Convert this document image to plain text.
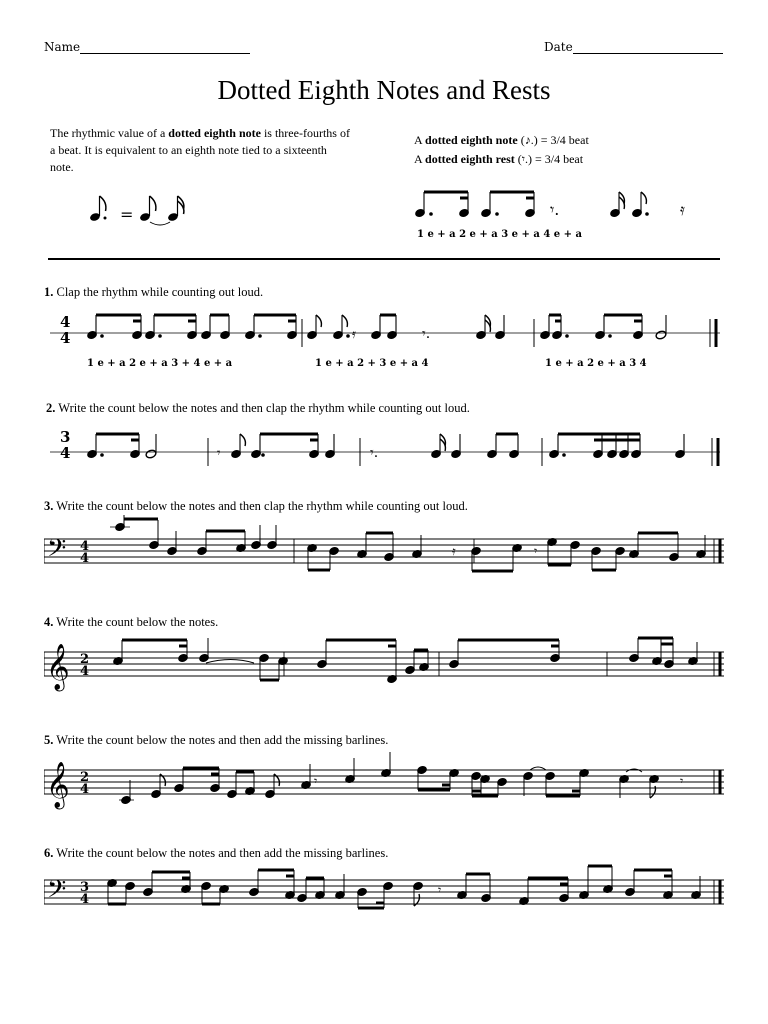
Name	Date
Dotted Eighth Notes and Rests
The rhythmic value of a dotted eighth note is three-fourths of a beat. It is equivalent to an eighth note tied to a sixteenth note.
=
A dotted eighth note (♪.) = 3/4 beat
A dotted eighth rest (𝄾.) = 3/4 beat
𝄾.	𝄿
1 e + a 2 e + a 3 e + a 4 e + a
1. Clap the rhythm while counting out loud.
4
4	𝄿	𝄾.
1 e + a 2 e + a 3 + 4 e + a	1 e + a 2 + 3 e + a 4	1 e + a 2 e + a 3 4
2. Write the count below the notes and then clap the rhythm while counting out loud.
3
4	𝄾	𝄾.
3. Write the count below the notes and then clap the rhythm while counting out loud.
𝄢 4
4	𝄿	𝄾
4. Write the count below the notes.
𝄞 2
4
5. Write the count below the notes and then add the missing barlines.
𝄞 2
4
𝄾	𝄾
6. Write the count below the notes and then add the missing barlines.
𝄢 3
4
𝄾
